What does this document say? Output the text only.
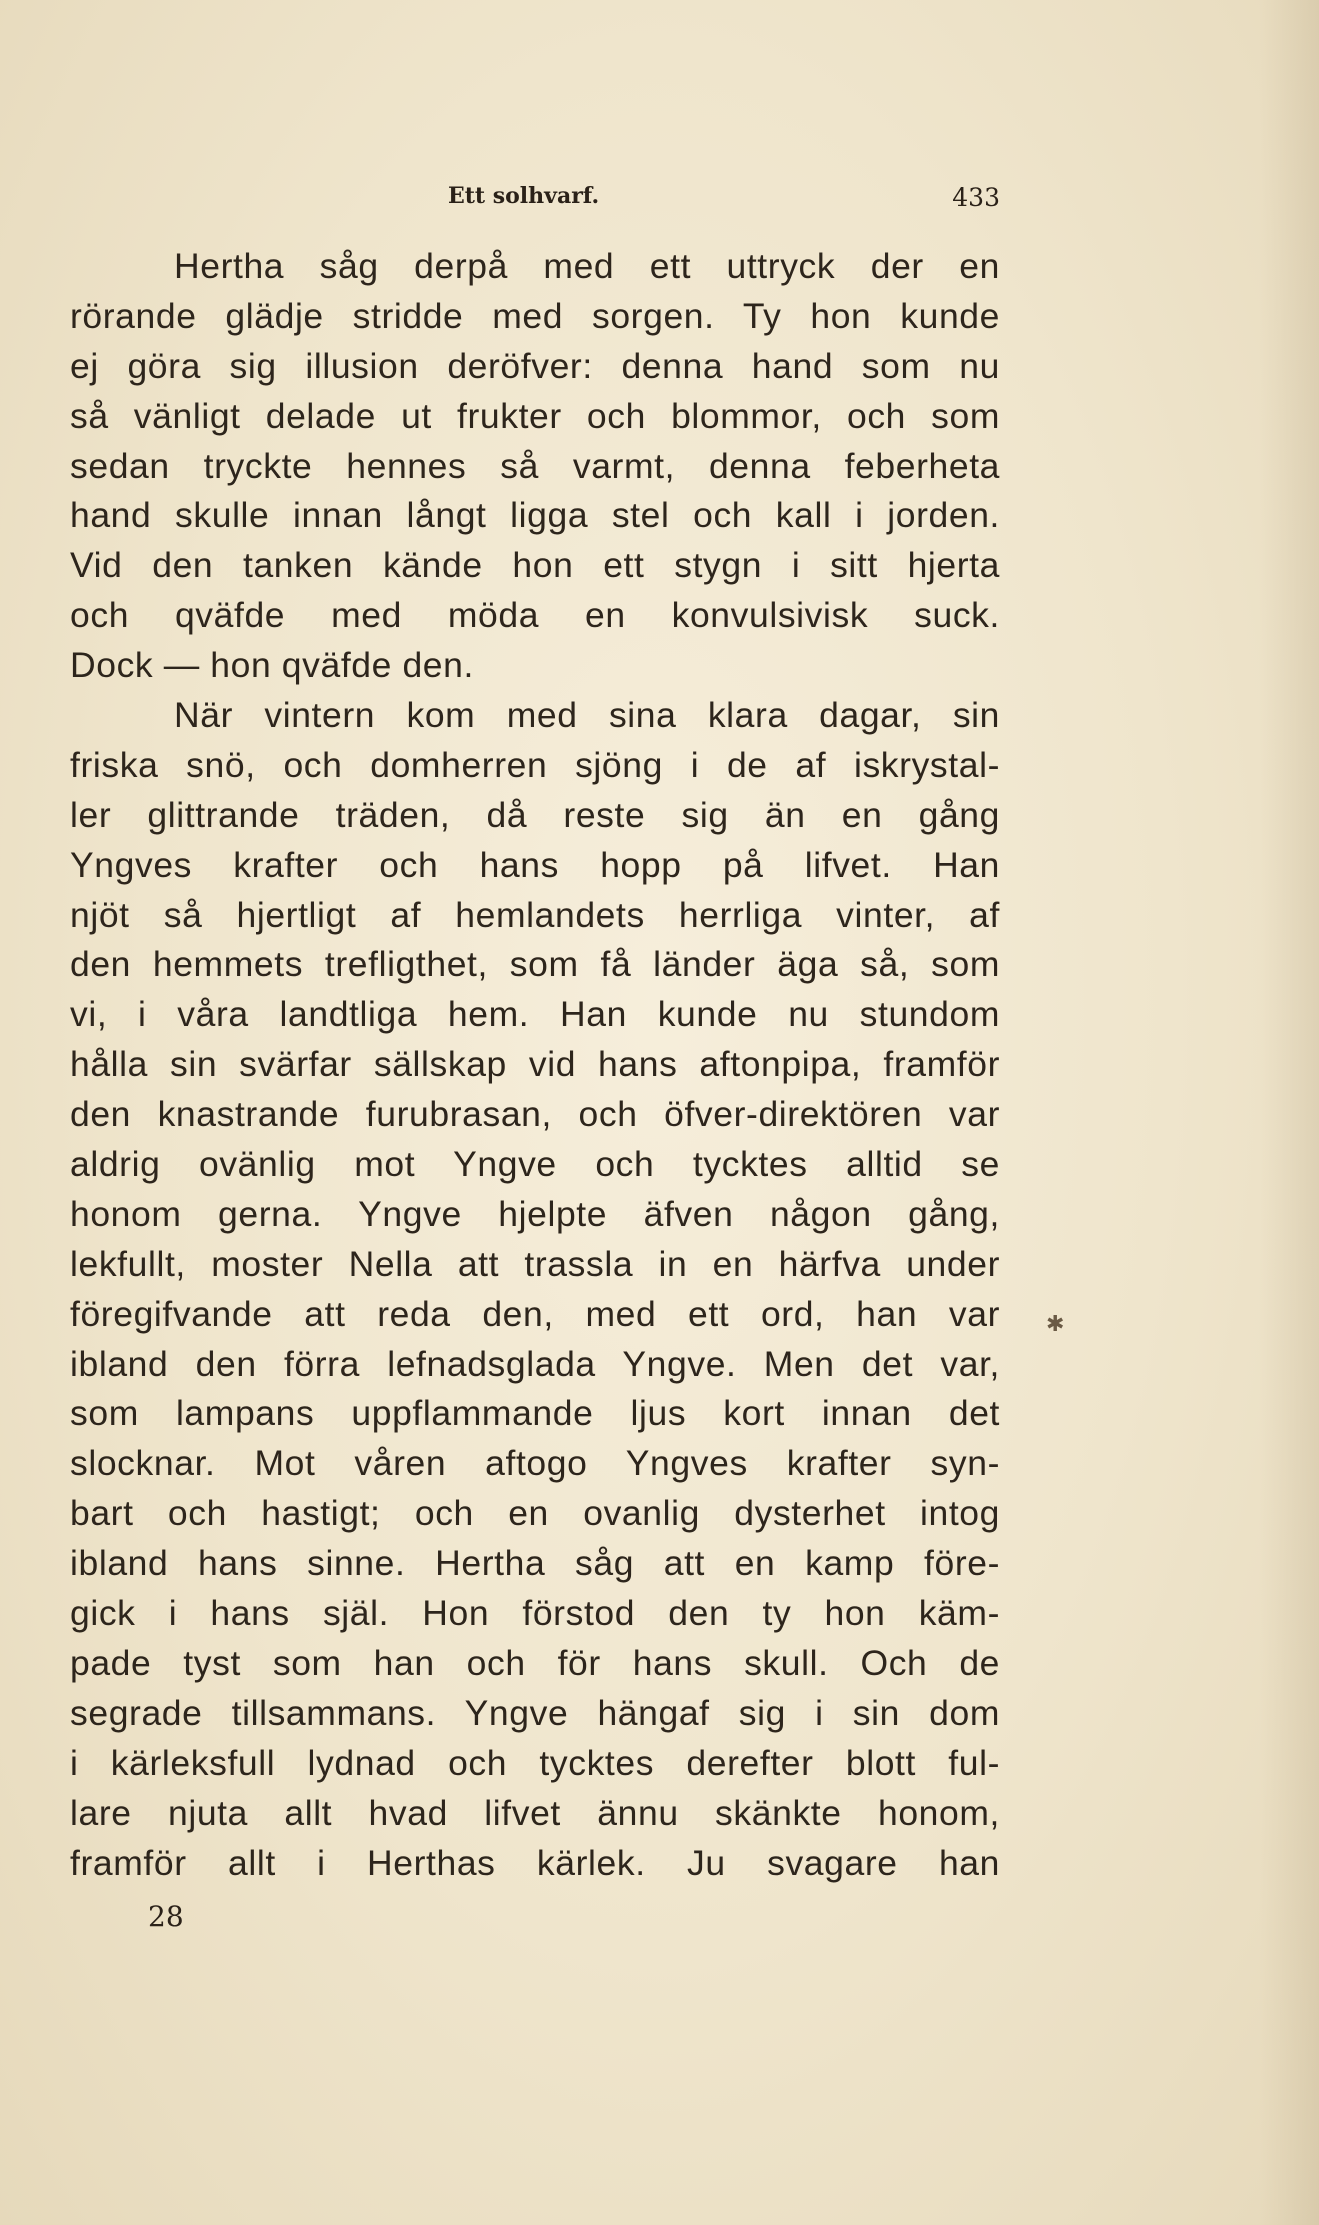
Ett solhvarf.	433
Hertha såg derpå med ett uttryck der en
rörande glädje stridde med sorgen. Ty hon kunde
ej göra sig illusion deröfver: denna hand som nu
så vänligt delade ut frukter och blommor, och som
sedan tryckte hennes så varmt, denna feberheta
hand skulle innan långt ligga stel och kall i jorden.
Vid den tanken kände hon ett stygn i sitt hjerta
och qväfde med möda en konvulsivisk suck.
Dock — hon qväfde den.
När vintern kom med sina klara dagar, sin
friska snö, och domherren sjöng i de af iskrystal-
ler glittrande träden, då reste sig än en gång
Yngves krafter och hans hopp på lifvet. Han
njöt så hjertligt af hemlandets herrliga vinter, af
den hemmets trefligthet, som få länder äga så, som
vi, i våra landtliga hem. Han kunde nu stundom
hålla sin svärfar sällskap vid hans aftonpipa, framför
den knastrande furubrasan, och öfver-direktören var
aldrig ovänlig mot Yngve och tycktes alltid se
honom gerna. Yngve hjelpte äfven någon gång,
lekfullt, moster Nella att trassla in en härfva under
föregifvande att reda den, med ett ord, han var
ibland den förra lefnadsglada Yngve. Men det var,
som lampans uppflammande ljus kort innan det
slocknar. Mot våren aftogo Yngves krafter syn-
bart och hastigt; och en ovanlig dysterhet intog
ibland hans sinne. Hertha såg att en kamp före-
gick i hans själ. Hon förstod den ty hon käm-
pade tyst som han och för hans skull. Och de
segrade tillsammans. Yngve hängaf sig i sin dom
i kärleksfull lydnad och tycktes derefter blott ful-
lare njuta allt hvad lifvet ännu skänkte honom,
framför allt i Herthas kärlek. Ju svagare han
28
✱
